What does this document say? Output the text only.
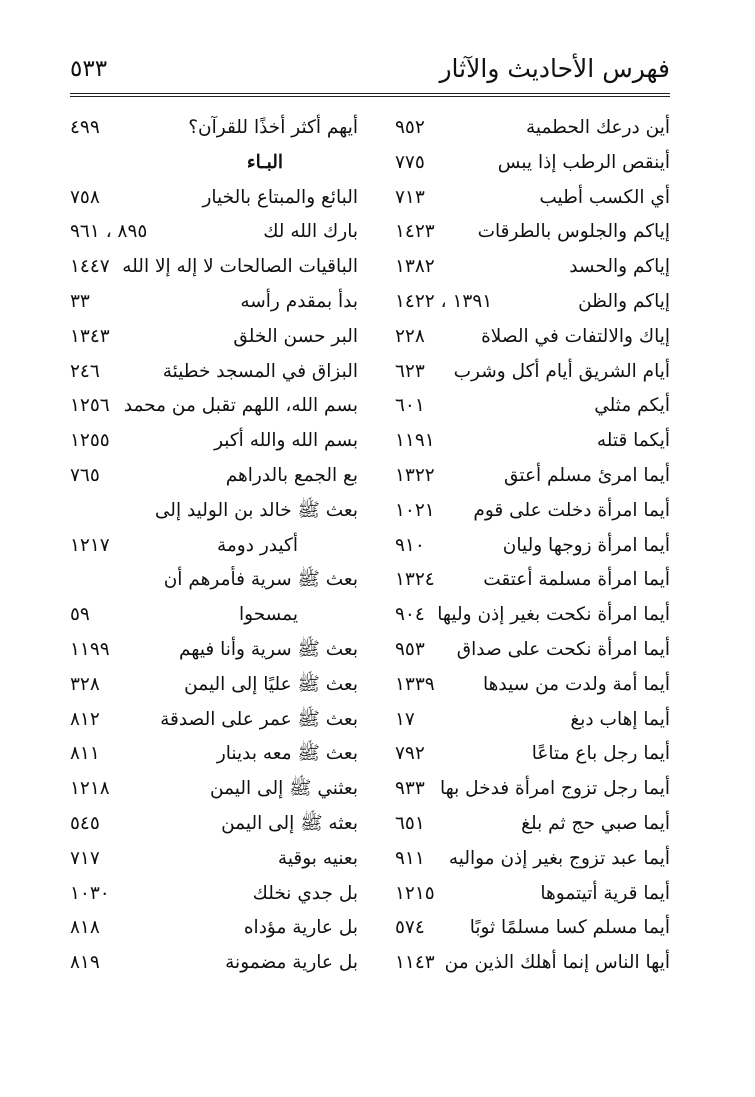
فهرس الأحاديث والآثار
٥٣٣
أين درعك الحطمية
٩٥٢
أينقص الرطب إذا يبس
٧٧٥
أي الكسب أطيب
٧١٣
إياكم والجلوس بالطرقات
١٤٢٣
إياكم والحسد
١٣٨٢
إياكم والظن
١٣٩١ ، ١٤٢٢
إياك والالتفات في الصلاة
٢٢٨
أيام الشريق أيام أكل وشرب
٦٢٣
أيكم مثلي
٦٠١
أيكما قتله
١١٩١
أيما امرئ مسلم أعتق
١٣٢٢
أيما امرأة دخلت على قوم
١٠٢١
أيما امرأة زوجها وليان
٩١٠
أيما امرأة مسلمة أعتقت
١٣٢٤
أيما امرأة نكحت بغير إذن وليها
٩٠٤
أيما امرأة نكحت على صداق
٩٥٣
أيما أمة ولدت من سيدها
١٣٣٩
أيما إهاب دبغ
١٧
أيما رجل باع متاعًا
٧٩٢
أيما رجل تزوج امرأة فدخل بها
٩٣٣
أيما صبي حج ثم بلغ
٦٥١
أيما عبد تزوج بغير إذن مواليه
٩١١
أيما قرية أتيتموها
١٢١٥
أيما مسلم كسا مسلمًا ثوبًا
٥٧٤
أيها الناس إنما أهلك الذين من
١١٤٣
أيهم أكثر أخذًا للقرآن؟
٤٩٩
البـاء
البائع والمبتاع بالخيار
٧٥٨
بارك الله لك
٨٩٥ ، ٩٦١
الباقيات الصالحات لا إله إلا الله
١٤٤٧
بدأ بمقدم رأسه
٣٣
البر حسن الخلق
١٣٤٣
البزاق في المسجد خطيئة
٢٤٦
بسم الله، اللهم تقبل من محمد
١٢٥٦
بسم الله والله أكبر
١٢٥٥
بع الجمع بالدراهم
٧٦٥
بعث ﷺ خالد بن الوليد إلى
أكيدر دومة
١٢١٧
بعث ﷺ سرية فأمرهم أن
يمسحوا
٥٩
بعث ﷺ سرية وأنا فيهم
١١٩٩
بعث ﷺ عليًا إلى اليمن
٣٢٨
بعث ﷺ عمر على الصدقة
٨١٢
بعث ﷺ معه بدينار
٨١١
بعثني ﷺ إلى اليمن
١٢١٨
بعثه ﷺ إلى اليمن
٥٤٥
بعنيه بوقية
٧١٧
بل جدي نخلك
١٠٣٠
بل عارية مؤداه
٨١٨
بل عارية مضمونة
٨١٩
